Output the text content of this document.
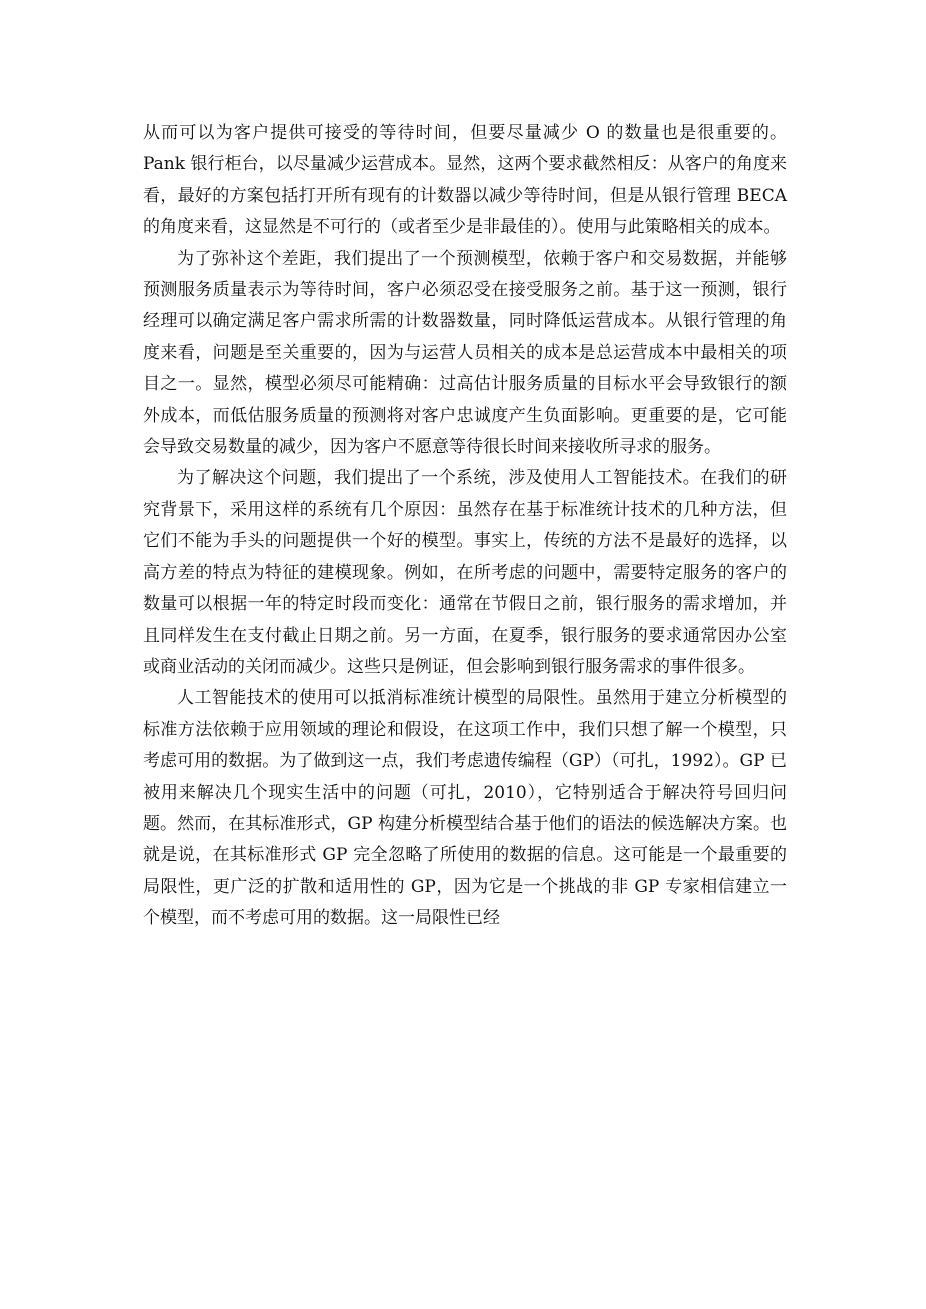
从而可以为客户提供可接受的等待时间，但要尽量减少 O 的数量也是很重要的。Pank 银行柜台，以尽量减少运营成本。显然，这两个要求截然相反：从客户的角度来看，最好的方案包括打开所有现有的计数器以减少等待时间，但是从银行管理 BECA 的角度来看，这显然是不可行的（或者至少是非最佳的）。使用与此策略相关的成本。

为了弥补这个差距，我们提出了一个预测模型，依赖于客户和交易数据，并能够预测服务质量表示为等待时间，客户必须忍受在接受服务之前。基于这一预测，银行经理可以确定满足客户需求所需的计数器数量，同时降低运营成本。从银行管理的角度来看，问题是至关重要的，因为与运营人员相关的成本是总运营成本中最相关的项目之一。显然，模型必须尽可能精确：过高估计服务质量的目标水平会导致银行的额外成本，而低估服务质量的预测将对客户忠诚度产生负面影响。更重要的是，它可能会导致交易数量的减少，因为客户不愿意等待很长时间来接收所寻求的服务。

为了解决这个问题，我们提出了一个系统，涉及使用人工智能技术。在我们的研究背景下，采用这样的系统有几个原因：虽然存在基于标准统计技术的几种方法，但它们不能为手头的问题提供一个好的模型。事实上，传统的方法不是最好的选择，以高方差的特点为特征的建模现象。例如，在所考虑的问题中，需要特定服务的客户的数量可以根据一年的特定时段而变化：通常在节假日之前，银行服务的需求增加，并且同样发生在支付截止日期之前。另一方面，在夏季，银行服务的要求通常因办公室或商业活动的关闭而减少。这些只是例证，但会影响到银行服务需求的事件很多。

人工智能技术的使用可以抵消标准统计模型的局限性。虽然用于建立分析模型的标准方法依赖于应用领域的理论和假设，在这项工作中，我们只想了解一个模型，只考虑可用的数据。为了做到这一点，我们考虑遗传编程（GP）（可扎，1992）。GP 已被用来解决几个现实生活中的问题（可扎，2010），它特别适合于解决符号回归问题。然而，在其标准形式，GP 构建分析模型结合基于他们的语法的候选解决方案。也就是说，在其标准形式 GP 完全忽略了所使用的数据的信息。这可能是一个最重要的局限性，更广泛的扩散和适用性的 GP，因为它是一个挑战的非 GP 专家相信建立一个模型，而不考虑可用的数据。这一局限性已经
